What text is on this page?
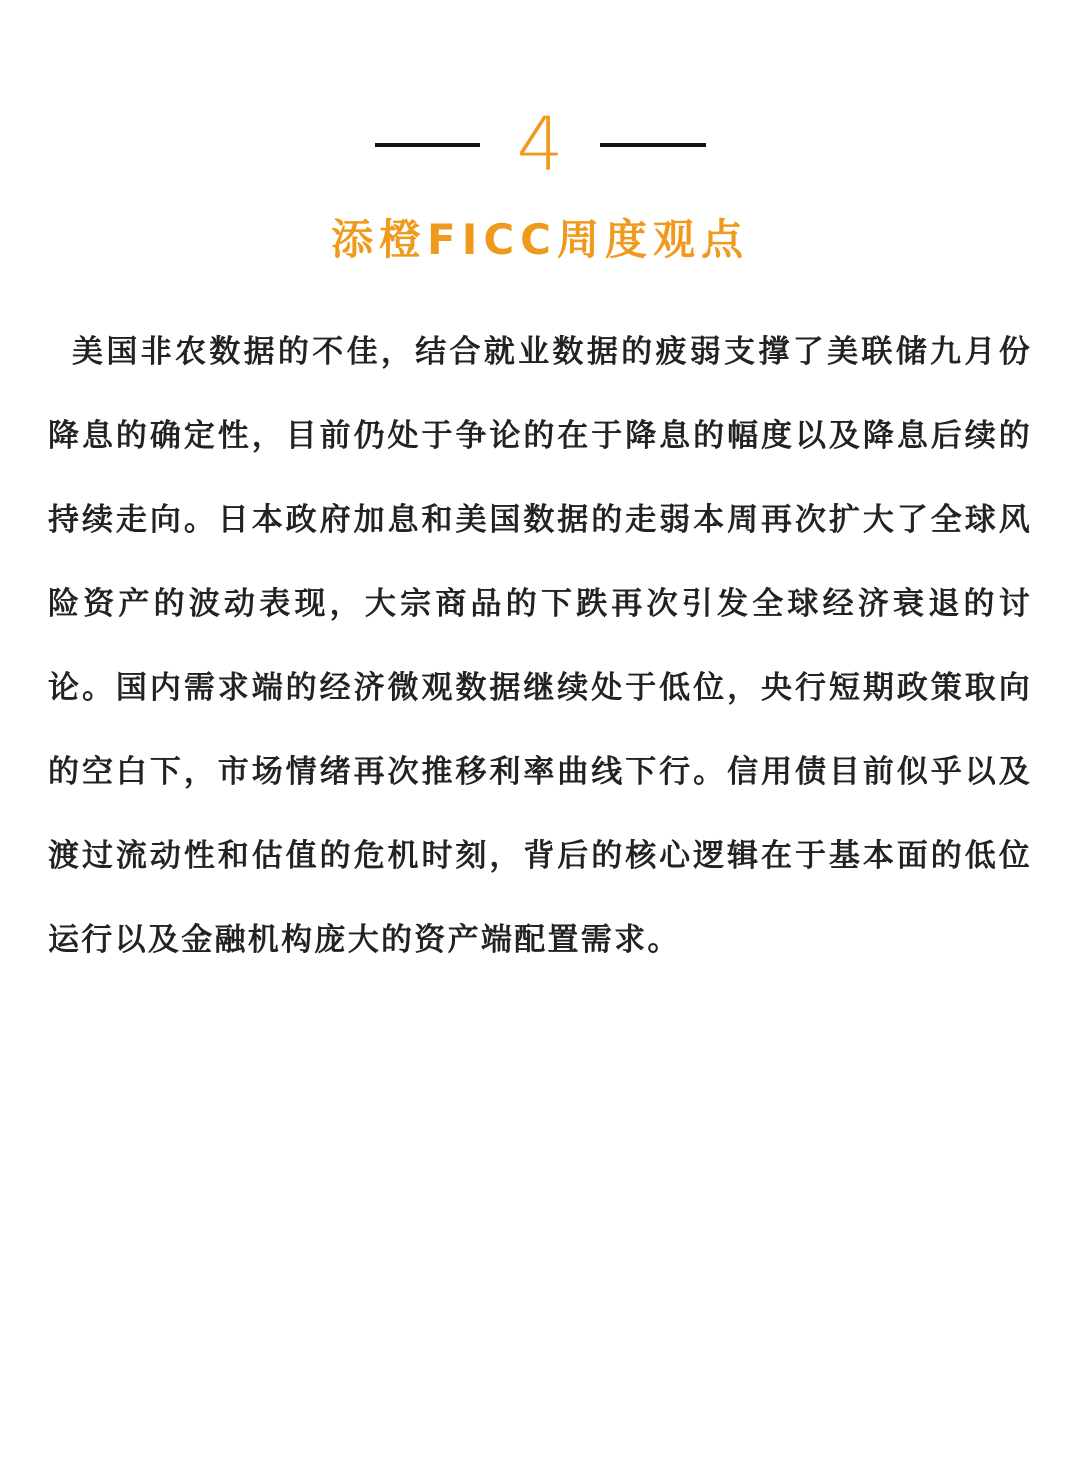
4
添橙FICC周度观点

美国非农数据的不佳，结合就业数据的疲弱支撑了美联储九月份降息的确定性，目前仍处于争论的在于降息的幅度以及降息后续的持续走向。日本政府加息和美国数据的走弱本周再次扩大了全球风险资产的波动表现，大宗商品的下跌再次引发全球经济衰退的讨论。国内需求端的经济微观数据继续处于低位，央行短期政策取向的空白下，市场情绪再次推移利率曲线下行。信用债目前似乎以及渡过流动性和估值的危机时刻，背后的核心逻辑在于基本面的低位运行以及金融机构庞大的资产端配置需求。
